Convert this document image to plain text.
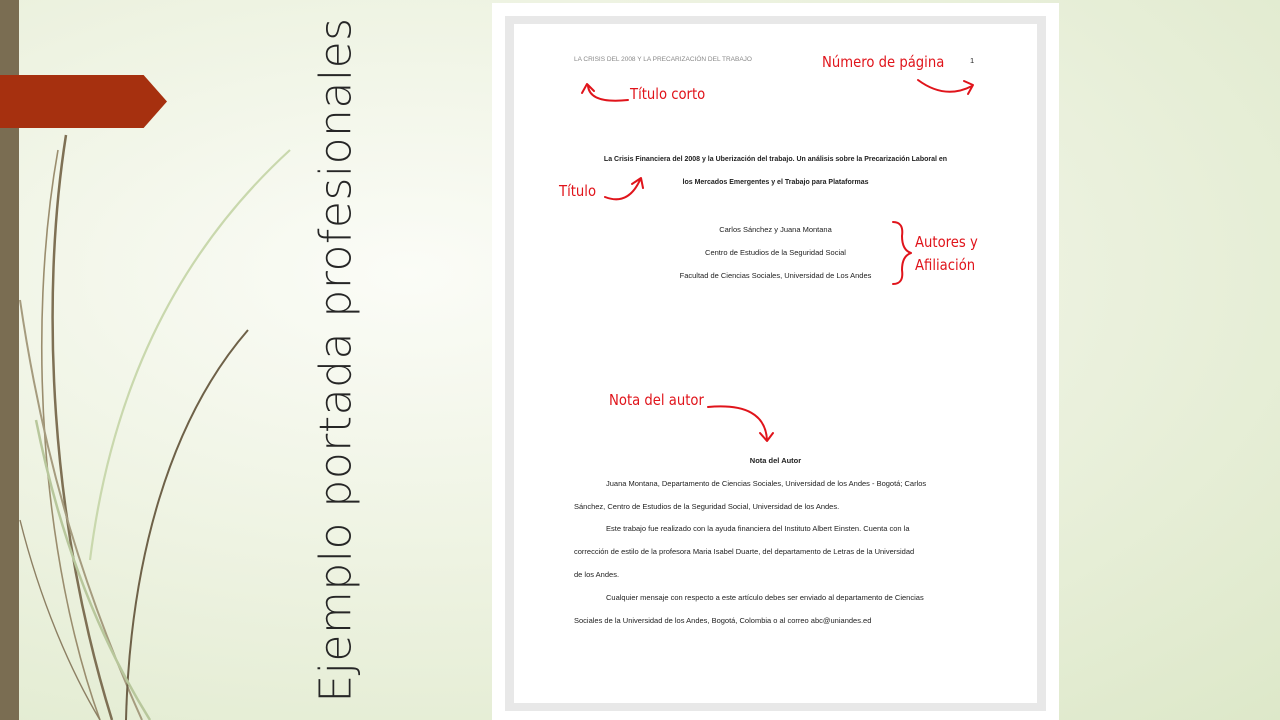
Ejemplo portada profesionales	LA CRISIS DEL 2008 Y LA PRECARIZACIÓN DEL TRABAJO	1
La Crisis Financiera del 2008 y la Uberización del trabajo. Un análisis sobre la Precarización Laboral en
los Mercados Emergentes y el Trabajo para Plataformas
Carlos Sánchez y Juana Montana
Centro de Estudios de la Seguridad Social
Facultad de Ciencias Sociales, Universidad de Los Andes
Nota del Autor
Juana Montana, Departamento de Ciencias Sociales, Universidad de los Andes - Bogotá; Carlos
Sánchez, Centro de Estudios de la Seguridad Social, Universidad de los Andes.
Este trabajo fue realizado con la ayuda financiera del Instituto Albert Einsten. Cuenta con la
corrección de estilo de la profesora Maria Isabel Duarte, del departamento de Letras de la Universidad
de los Andes.
Cualquier mensaje con respecto a este artículo debes ser enviado al departamento de Ciencias
Sociales de la Universidad de los Andes, Bogotá, Colombia o al correo abc@uniandes.ed
Número de página
Título corto
Título
Autores y
Afiliación
Nota del autor
